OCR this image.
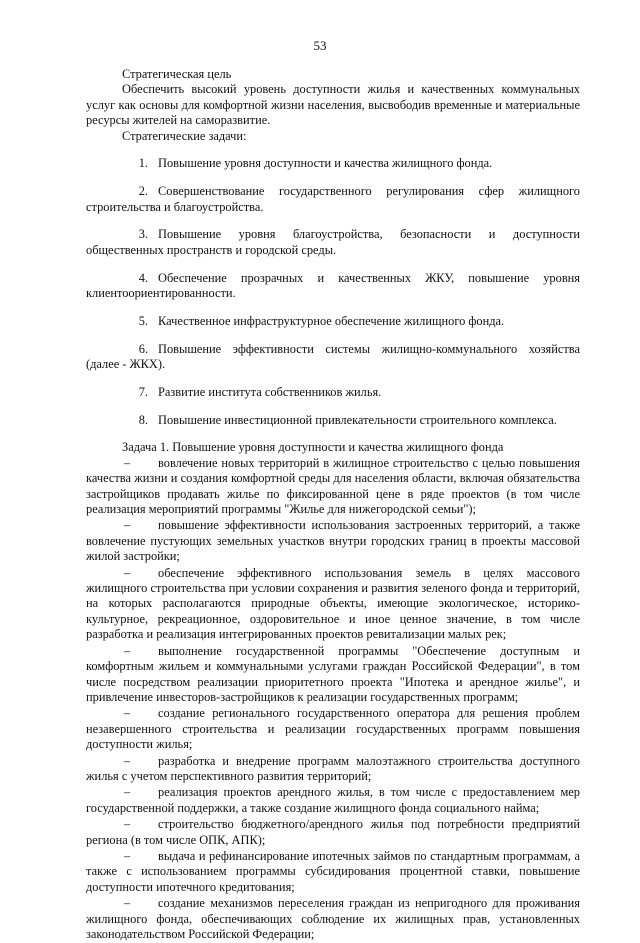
53

Стратегическая цель

Обеспечить высокий уровень доступности жилья и качественных коммунальных услуг как основы для комфортной жизни населения, высвободив временные и материальные ресурсы жителей на саморазвитие.

Стратегические задачи:

1. Повышение уровня доступности и качества жилищного фонда.

2. Совершенствование государственного регулирования сфер жилищного строительства и благоустройства.

3. Повышение уровня благоустройства, безопасности и доступности общественных пространств и городской среды.

4. Обеспечение прозрачных и качественных ЖКУ, повышение уровня клиентоориентированности.

5. Качественное инфраструктурное обеспечение жилищного фонда.

6. Повышение эффективности системы жилищно-коммунального хозяйства (далее - ЖКХ).

7. Развитие института собственников жилья.

8. Повышение инвестиционной привлекательности строительного комплекса.

Задача 1. Повышение уровня доступности и качества жилищного фонда

– вовлечение новых территорий в жилищное строительство с целью повышения качества жизни и создания комфортной среды для населения области, включая обязательства застройщиков продавать жилье по фиксированной цене в ряде проектов (в том числе реализация мероприятий программы "Жилье для нижегородской семьи");

– повышение эффективности использования застроенных территорий, а также вовлечение пустующих земельных участков внутри городских границ в проекты массовой жилой застройки;

– обеспечение эффективного использования земель в целях массового жилищного строительства при условии сохранения и развития зеленого фонда и территорий, на которых располагаются природные объекты, имеющие экологическое, историко-культурное, рекреационное, оздоровительное и иное ценное значение, в том числе разработка и реализация интегрированных проектов ревитализации малых рек;

– выполнение государственной программы "Обеспечение доступным и комфортным жильем и коммунальными услугами граждан Российской Федерации", в том числе посредством реализации приоритетного проекта "Ипотека и арендное жилье", и привлечение инвесторов-застройщиков к реализации государственных программ;

– создание регионального государственного оператора для решения проблем незавершенного строительства и реализации государственных программ повышения доступности жилья;

– разработка и внедрение программ малоэтажного строительства доступного жилья с учетом перспективного развития территорий;

– реализация проектов арендного жилья, в том числе с предоставлением мер государственной поддержки, а также создание жилищного фонда социального найма;

– строительство бюджетного/арендного жилья под потребности предприятий региона (в том числе ОПК, АПК);

– выдача и рефинансирование ипотечных займов по стандартным программам, а также с использованием программы субсидирования процентной ставки, повышение доступности ипотечного кредитования;

– создание механизмов переселения граждан из непригодного для проживания жилищного фонда, обеспечивающих соблюдение их жилищных прав, установленных законодательством Российской Федерации;
